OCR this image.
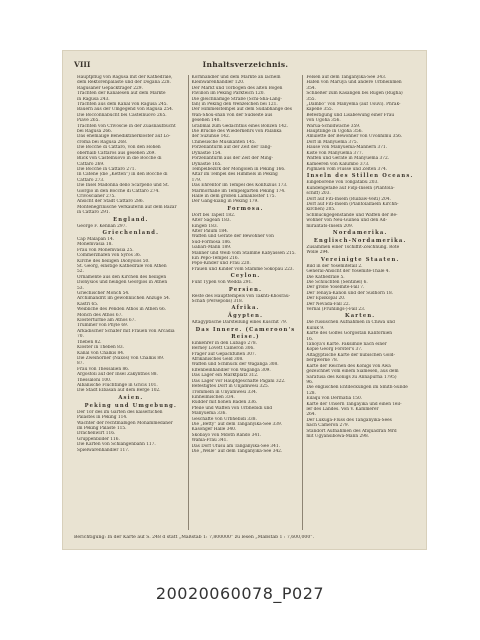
VIII	Inhaltsverzeichnis.
Hauptpflug von Ragusa mit der Kathedrale,
dem Rektorenpalaste und der Dogana 228.
Ragusaner Gepäckträger 229.
Trachten der Kanalesen auf dem Markte
in Ragusa 243.
Trachten aus dem Kanal von Ragusa 245.
Bauern aus der Umgegend von Ragusa 254.
Die Bocconnabucht bei Castelnuovo 265.
Piave 265.
Trachten von Crivoscie in der Zuasnaufbucht
bei Ragusa 266.
Das ehemalige Benediktinerkloster auf Lo-
croma bei Ragusa 268.
Die Bocche di Cattaro, von den Höhen
oberhalb Cattaros aus gesehen 269.
Blick von Castelnuovo in die Bocche di
Cattaro 269.
Die Bocche in Cattaro 271.
In Catene (die „Ketten“) in den Bocche di
Cattaro 273.
Die Insel Madonna dello Scarpello und St.
Giorgio in den Bocche di Cattaro 274.
Crivoscianer 275.
Ansicht der Stadt Cattaro 286.
Montenegrinische Verkäuferin auf dem Bazar
in Cattaro 291.
England.
George F. Kennan 297.
Griechenland.
Cap Malapan 14.
Monemvasia 18.
Frau von Monemvasia 25.
Commerzhafen von Syros 36.
Kirche des heiligen Dionysios 50.
St. Georg, einstige Kathedrale von Athen
52.
Ornamente aus den Kirchen des heiligen
Dionysios und heiligen Georgios in Athen
53.
Griechischer Mönch 54.
Archimandrit im gewöhnlichen Anzuge 54.
Kastri 65.
Weibliche des Pendeli Athos in Athen 66.
Mönch des Athos 67.
Klostertürme am Athos 67.
Trümmer von Phyle 69.
Arkadischer Schäfer mit Frauen von Arcadia
70.
Theben 82.
Kloster in Theben 83.
Kanal von Chalkis 84.
Die Zweihörner (Naxos) von Chalkis 89.
87.
Frau von Thessalien 86.
Argostoli auf der Insel Zakynthos 88.
Thessaloni 100.
Albanische Flüchtlinge in Gricis 101.
Die Stadt Elbasan auf dem Berge 102.
Asien.
Peking und Umgebung.
Der Tor des im Garten des kaiserlichen
Palastes in Peking 114.
Wächter der rechtmäßigen Mohammedaner
im Peking Palaste 115.
Drachenwirt 116.
Gruppenbilder 116.
Die Karten von Schlangenbahn 117.
Spielwarenhändler 117.
Kornhändler und dem Markte an lächeln
Kleinwarenhandler 120.
Der Markt und Torbogen des alten Bogen
Pavillon im Peking Parkteich 120.
Die gleichnamige Straße (Schi-Sha-Lang-
fan) in Peking den Wenzelchen bei 121.
Der Himmelstempel auf dem Südabhange des
Wan-Shou-shan von der Südseite aus
gesehen 140.
Grabmal zum Gedächtnis eines Bonzen 142.
Die Brücke des Wiederkehrs von Palanka
der Suzuhue 142.
Chinesische Musikanten 145.
Porzellanturm auf der Zeit der Tang-
Dynastie 154.
Porzellanturm aus der Zeit der Ming-
Dynastie 165.
Tempelbezirk der Mongolen in Peking 166.
Altar im Tempel des Himmels in Peking
179.
Das Ehrentor im Tempel des Konfuzius 173.
Marmorhalle im Tempelgarten Peking 174.
Halle in dem großen Lamakloster 175.
Der Gang-kiang in Peking 179.
Formosa.
Dorf bei Tapeit 182.
Alter Sägeäh 183.
Eingeb 183.
Alter Pälum 184.
Waffen und Geräte der Bewohner von
Süd-Formosa 186.
Gabari-Mann 189.
Männer und Weib vom Stamme Kabyassen 215.
Ein Pepo-Tempel 216.
Pepo-Kinder und Frau 220.
Frauen und Kinder vom Stamme Sokopau 223.
Ceylon.
Fünf Typen von Wedda 291.
Persien.
Reste des Haupttempels von Takhti-Khosrau-
Schah (Persepolis) 318.
Afrika.
Ägypten.
Altägyptische Darstellung eines Kuschit 79.
Das Innere. (Cameroon's Reise.)
Einkehrer in den Lubago 278.
Berney Lovett Cameron 306.
Fräger auf Gepäckfüßen 307.
Afrikanisches Geld 308.
Waffen und Schmuck der Waganga 308.
Elfenbeinhändler von Waganga 309.
Das Lager ein Marktplatz 312.
Das Lager vor Hauptgeschäfte Pagani 322.
Befestigtes Dorf in Unjamwesi 325.
Trommeln in Unyamwesi 334.
Einheimischen 334.
Rudder mit hohen Bäden 336.
Pfeile und Waffen von Urbhebidi und
Manyuema 336.
Geschäfte von Urbhebidi 338.
Die „Betty“ auf dem Tanganyika-See 339.
Kasonger Halle 340.
Skobayo von Mdoth Rando 341.
Wahia-Frau 341.
Das Dorf Ufusu am Tanganyika-See 341.
Die „Welle“ auf dem Tanganyika-See 342.
Felsen auf dem Tanganyika-See 343.
Häfen von Maruya und andere Urbheinmen
354.
Schließer zum Kasangen bei Rugen (Rugha)
355.
„Dambo“ von Manyema (auf Usuvi). Phrak-
kapelle 355.
Befestigung und Lisabewung einer Frau
von Ugoha 356.
Warua-Schildwache 359.
Häuptlinge in Ugoha 356.
Amulette der Bewohner von Uvolihimu 356.
Dorf in Manyuema 375.
Häuse von Manyuema-Männern 371.
Kiste von Manyuema 377.
Waffen und Geräte in Manyuema 372.
Kameeren von Kalumbo 373.
Pigmäen vom Flusse und Zelten 374.
Inseln des Stillen Oceans.
Eingeborene von Tongatabu 203.
Kundengefäße auf Fidji-Inseln (Plantola-
schiff) 203.
Dorf auf Fiti-Inseln (Ruibaw-Veiti) 204.
Dorf auf Fiti-Inseln (Plantolalfaeln Kirchh-
kirchen) 205.
Schmuckgegenstände und Waffen der Be-
wohner von Neu-Guinea und den Ad-
miralitäts-Inseln 209.
Nordamerika.
Englisch-Nordamerika.
Zusammen einer Tschiffit-Zeichnung. Rote
Wolle 294.
Vereinigte Staaten.
Bild in der Yosemitefall 2.
General-Ansicht der Yosemite-Thale 4.
Die Kathedrale 5.
Die Schluchten (Sentinel) 6.
Der große Yosemite-Fall 7.
Der Tenaya-Kañon und der Südhorn 18.
Der Episkopal 20.
Der Nevada-Fall 22.
Vernal (Frühlings-)-Fall 23.
Karten.
Die russischen Aufnahmen in Chiwa und
Kuluk 9.
Karte des Golfes Gorgostan Kalifornien
16.
Tanoya's Karte. Faksimile nach einer
Kopie Georg Forster's 37.
Altägyptische Karte der nubischen Gold-
bergwerke 78.
Karte der Reichen des Königs von Awa
gezeichnet vom einem Siamesen, aus dem
Saratusa des Königs zu Annapurna 1795)
96.
Die englischen Entdeckungen im Smith-Sunde
128.
Eilaqu von Dermatia 150.
Karte der Unsern Tangayika und einen Teil-
ler des Landes. Von V. Kammerer
264.
Der Lukuga-Fluss des Tanganyika-Sees
nach Cameron 279.
Standort Aufnahmen des Afiquadran Mrd
mit Ugyansibowa-Mann 298.
Berichtigung: In der Karte auf S. 248 d statt „Maßstab 1: 7,800000“ zu lesen „Maßstab 1 : 7,600,000“.
20020060078_P027
